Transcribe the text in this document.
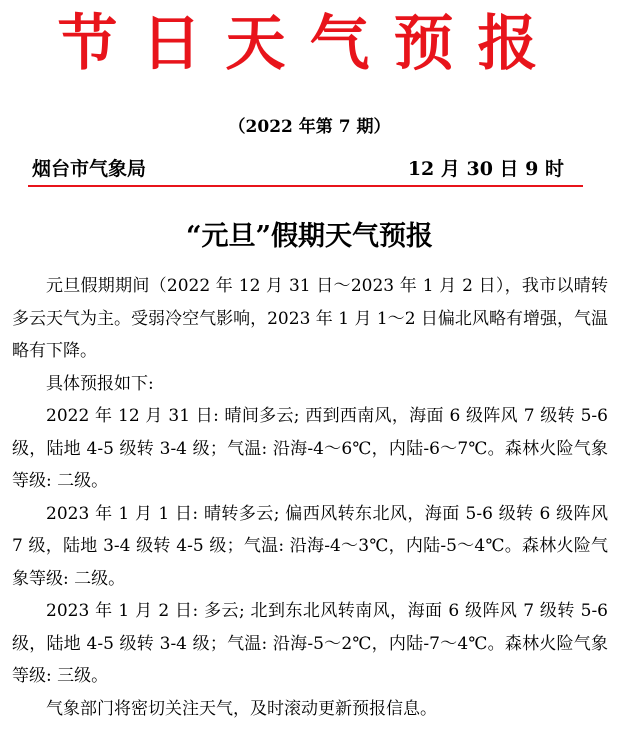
节日天气预报
（2022 年第 7 期）
烟台市气象局	12 月 30 日 9 时
“元旦”假期天气预报

元旦假期期间（2022 年 12 月 31 日～2023 年 1 月 2 日），我市以晴转多云天气为主。受弱冷空气影响，2023 年 1 月 1～2 日偏北风略有增强，气温略有下降。

具体预报如下:

2022 年 12 月 31 日: 晴间多云; 西到西南风，海面 6 级阵风 7 级转 5-6 级，陆地 4-5 级转 3-4 级；气温: 沿海-4～6℃，内陆-6～7℃。森林火险气象等级: 二级。

2023 年 1 月 1 日: 晴转多云; 偏西风转东北风，海面 5-6 级转 6 级阵风 7 级，陆地 3-4 级转 4-5 级；气温: 沿海-4～3℃，内陆-5～4℃。森林火险气象等级: 二级。

2023 年 1 月 2 日: 多云; 北到东北风转南风，海面 6 级阵风 7 级转 5-6 级，陆地 4-5 级转 3-4 级；气温: 沿海-5～2℃，内陆-7～4℃。森林火险气象等级: 三级。

气象部门将密切关注天气，及时滚动更新预报信息。
